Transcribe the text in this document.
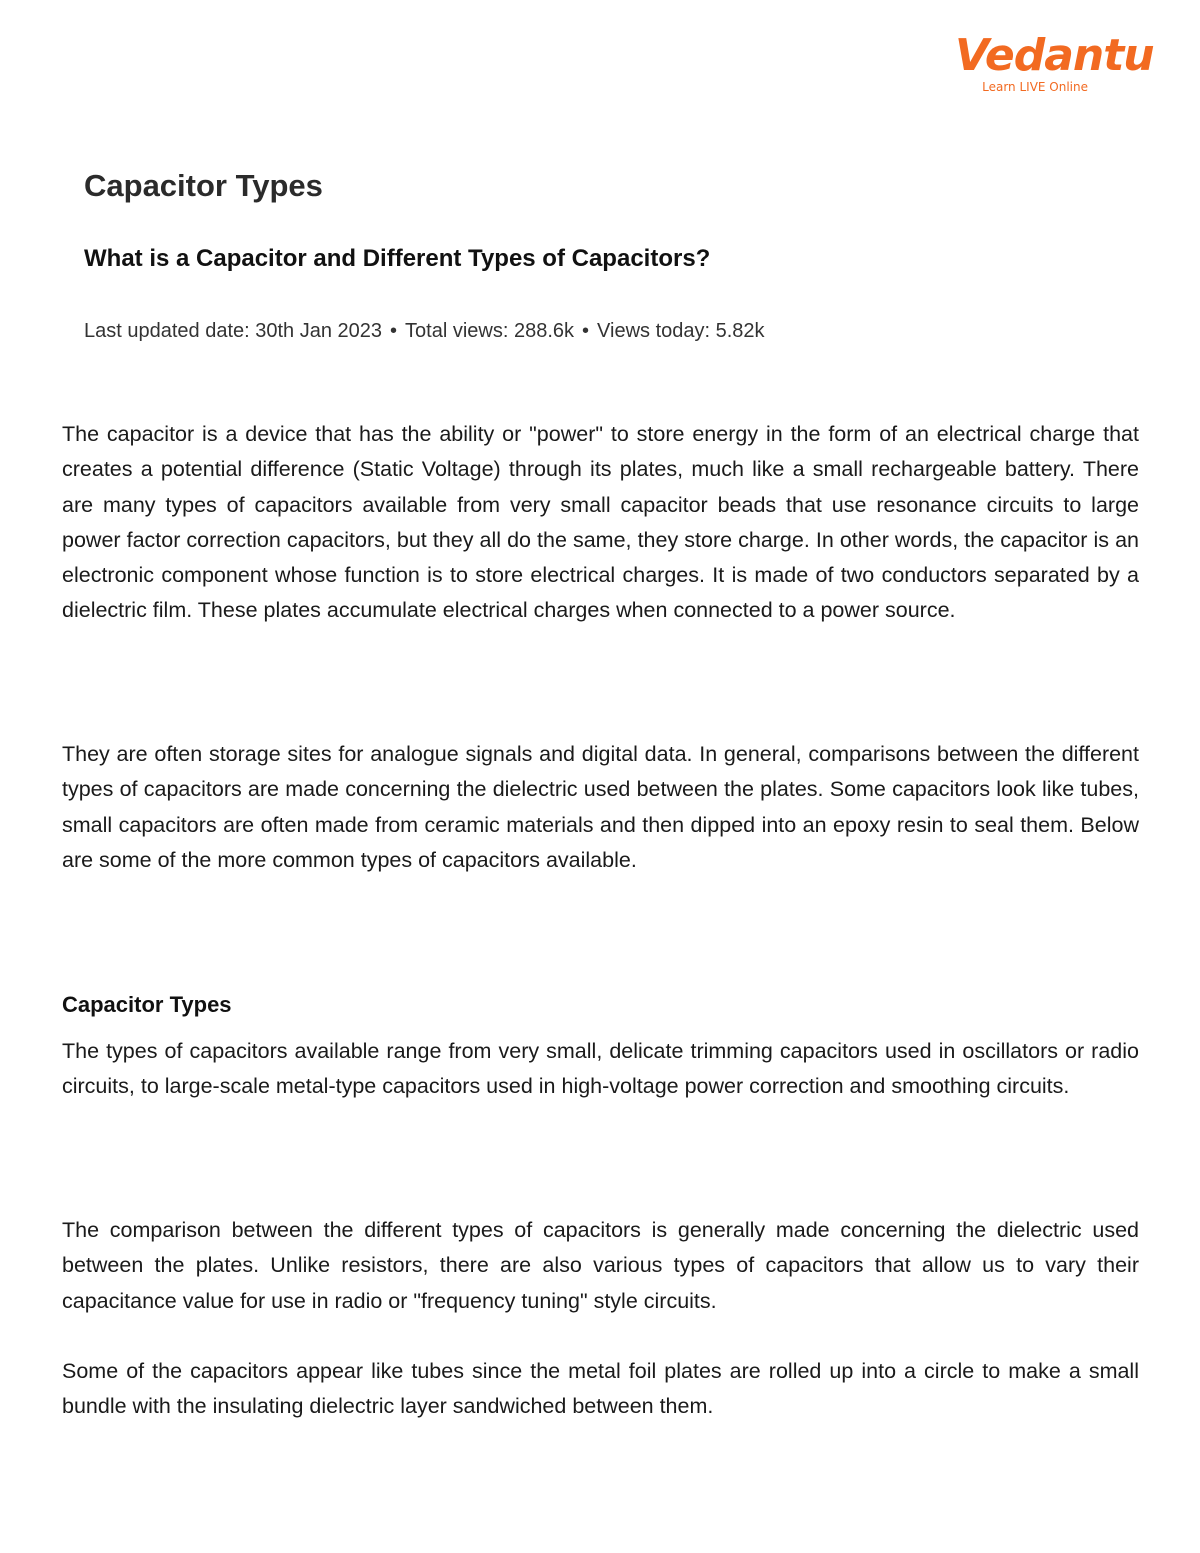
Vedantu
Learn LIVE Online
Capacitor Types
What is a Capacitor and Different Types of Capacitors?
Last updated date: 30th Jan 2023 • Total views: 288.6k • Views today: 5.82k

The capacitor is a device that has the ability or "power" to store energy in the form of an electrical charge that creates a potential difference (Static Voltage) through its plates, much like a small rechargeable battery. There are many types of capacitors available from very small capacitor beads that use resonance circuits to large power factor correction capacitors, but they all do the same, they store charge. In other words, the capacitor is an electronic component whose function is to store electrical charges. It is made of two conductors separated by a dielectric film. These plates accumulate electrical charges when connected to a power source.

They are often storage sites for analogue signals and digital data. In general, comparisons between the different types of capacitors are made concerning the dielectric used between the plates. Some capacitors look like tubes, small capacitors are often made from ceramic materials and then dipped into an epoxy resin to seal them. Below are some of the more common types of capacitors available.

Capacitor Types

The types of capacitors available range from very small, delicate trimming capacitors used in oscillators or radio circuits, to large-scale metal-type capacitors used in high-voltage power correction and smoothing circuits.

The comparison between the different types of capacitors is generally made concerning the dielectric used between the plates. Unlike resistors, there are also various types of capacitors that allow us to vary their capacitance value for use in radio or "frequency tuning" style circuits.

Some of the capacitors appear like tubes since the metal foil plates are rolled up into a circle to make a small bundle with the insulating dielectric layer sandwiched between them.
